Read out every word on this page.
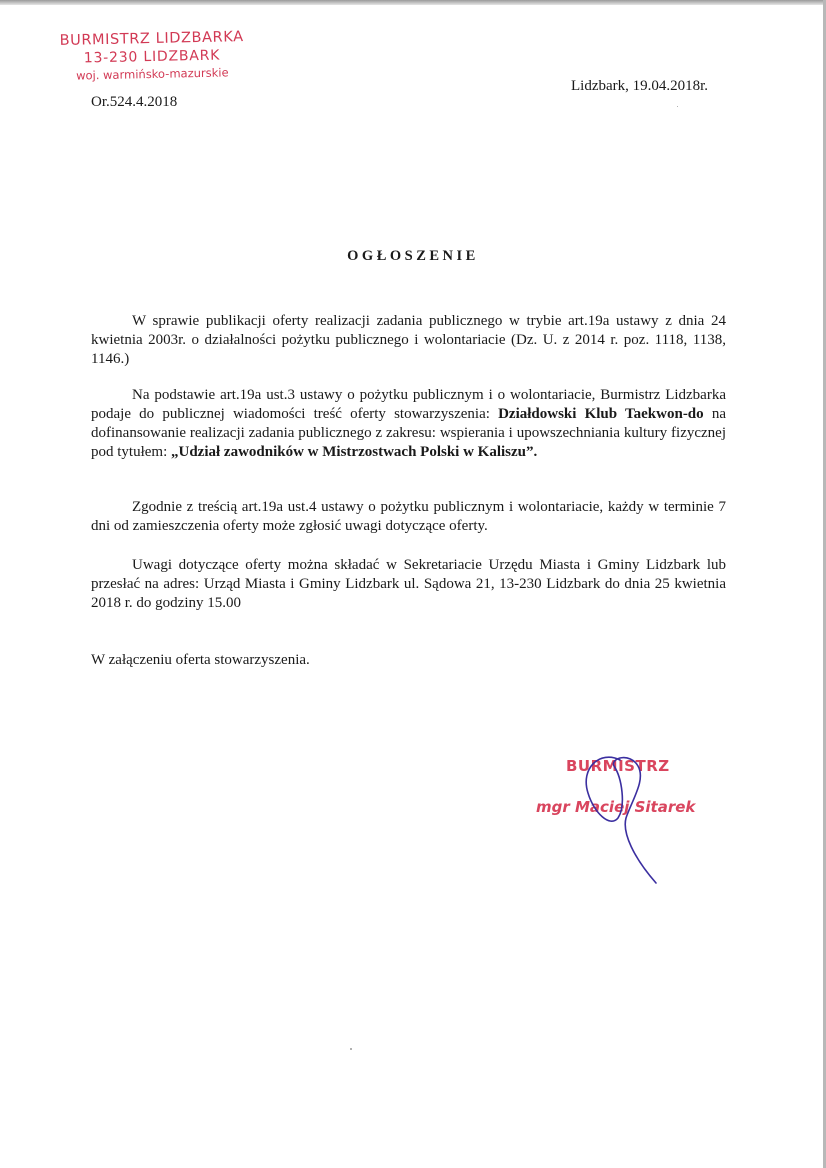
BURMISTRZ LIDZBARKA
13-230 LIDZBARK
woj. warmińsko-mazurskie
Or.524.4.2018
Lidzbark, 19.04.2018r.
OGŁOSZENIE

W sprawie publikacji oferty realizacji zadania publicznego w trybie art.19a ustawy z dnia 24 kwietnia 2003r. o działalności pożytku publicznego i wolontariacie (Dz. U. z 2014 r. poz. 1118, 1138, 1146.)

Na podstawie art.19a ust.3 ustawy o pożytku publicznym i o wolontariacie, Burmistrz Lidzbarka podaje do publicznej wiadomości treść oferty stowarzyszenia: Działdowski Klub Taekwon-do na dofinansowanie realizacji zadania publicznego z zakresu: wspierania i upowszechniania kultury fizycznej pod tytułem: „Udział zawodników w Mistrzostwach Polski w Kaliszu”.

Zgodnie z treścią art.19a ust.4 ustawy o pożytku publicznym i wolontariacie, każdy w terminie 7 dni od zamieszczenia oferty może zgłosić uwagi dotyczące oferty.

Uwagi dotyczące oferty można składać w Sekretariacie Urzędu Miasta i Gminy Lidzbark lub przesłać na adres: Urząd Miasta i Gminy Lidzbark ul. Sądowa 21, 13-230 Lidzbark do dnia 25 kwietnia 2018 r. do godziny 15.00

W załączeniu oferta stowarzyszenia.

BURMISTRZ
mgr Maciej Sitarek
